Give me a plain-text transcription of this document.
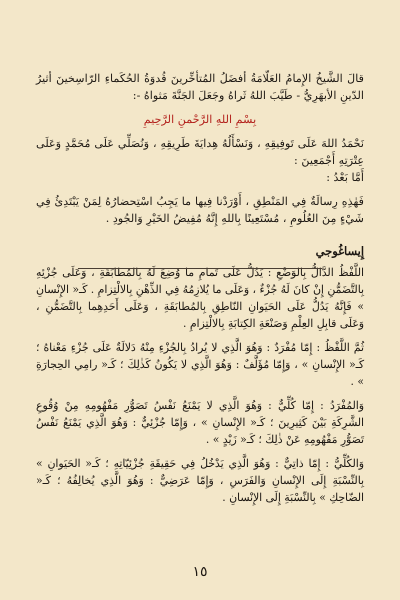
قالَ الشَّيخُ الإِمامُ العَلّامَةُ أفضَلُ المُتأخِّرينَ قُدوَةُ الحُكَماءِ الرّاسِخينَ أثيرُ الدّينِ الأبهَرِيُّ - طَيَّبَ اللهُ ثَراهُ وجَعَلَ الجَنَّةَ مَثواهُ -:

بِسْمِ اللهِ الرَّحْمنِ الرَّحِيمِ

نَحْمَدُ اللهَ عَلَى تَوفِيقِهِ ، وَنَسْأَلُهُ هِدايَةَ طَرِيقِهِ ، وَنُصَلِّي عَلَى مُحَمَّدٍ وَعَلَى عِتْرَتِهِ أَجْمَعِينَ :

أَمَّا بَعْدُ :

فَهٰذِهِ رِسالَةٌ فِي المَنْطِقِ ، أَوْرَدْنا فِيها ما يَجِبُ اسْتِحضارُهُ لِمَنْ يَبْتَدِئُ فِي شَيْءٍ مِنَ العُلُومِ ، مُسْتَعِينًا بِاللهِ إِنَّهُ مُفِيضُ الخَيْرِ وَالجُودِ .

إِيساغُوجي

اللَّفْظُ الدَّالُّ بِالوَضْعِ : يَدُلُّ عَلَى تَمامِ ما وُضِعَ لَهُ بِالمُطابَقَةِ ، وَعَلَى جُزْئِهِ بِالتَّضَمُّنِ إِنْ كانَ لَهُ جُزْءٌ ، وَعَلَى ما يُلازِمُهُ فِي الذِّهْنِ بِالالْتِزامِ . كَـ« الإِنْسانِ » فَإِنَّهُ يَدُلُّ عَلَى الحَيَوانِ النّاطِقِ بِالمُطابَقَةِ ، وَعَلَى أَحَدِهِما بِالتَّضَمُّنِ ، وَعَلَى قابِلِ العِلْمِ وَصَنْعَةِ الكِتابَةِ بِالالْتِزامِ .

ثُمَّ اللَّفْظُ : إِمّا مُفْرَدٌ : وَهُوَ الَّذِي لا يُرادُ بِالجُزْءِ مِنْهُ دَلالَةٌ عَلَى جُزْءِ مَعْناهُ ؛ كَـ« الإِنْسانِ » ، وَإِمّا مُؤَلَّفٌ : وَهُوَ الَّذِي لا يَكُونُ كَذٰلِكَ ؛ كَـ« رامِي الحِجارَةِ » .

وَالمُفْرَدُ : إِمّا كُلِّيٌّ : وَهُوَ الَّذِي لا يَمْنَعُ نَفْسُ تَصَوُّرِ مَفْهُومِهِ مِنْ وُقُوعِ الشَّرِكَةِ بَيْنَ كَثِيرِينَ ؛ كَـ« الإِنْسانِ » ، وَإِمّا جُزْئِيٌّ : وَهُوَ الَّذِي يَمْنَعُ نَفْسُ تَصَوُّرِ مَفْهُومِهِ عَنْ ذٰلِكَ ؛ كَـ« زَيْدٍ » .

وَالكُلِّيُّ : إِمّا ذاتِيٌّ : وَهُوَ الَّذِي يَدْخُلُ فِي حَقِيقَةِ جُزْئِيّاتِهِ ؛ كَـ« الحَيَوانِ » بِالنِّسْبَةِ إِلَى الإِنْسانِ وَالفَرَسِ ، وَإِمّا عَرَضِيٌّ : وَهُوَ الَّذِي يُخالِفُهُ ؛ كَـ« الضّاحِكِ » بِالنِّسْبَةِ إِلَى الإِنْسانِ .

١٥
